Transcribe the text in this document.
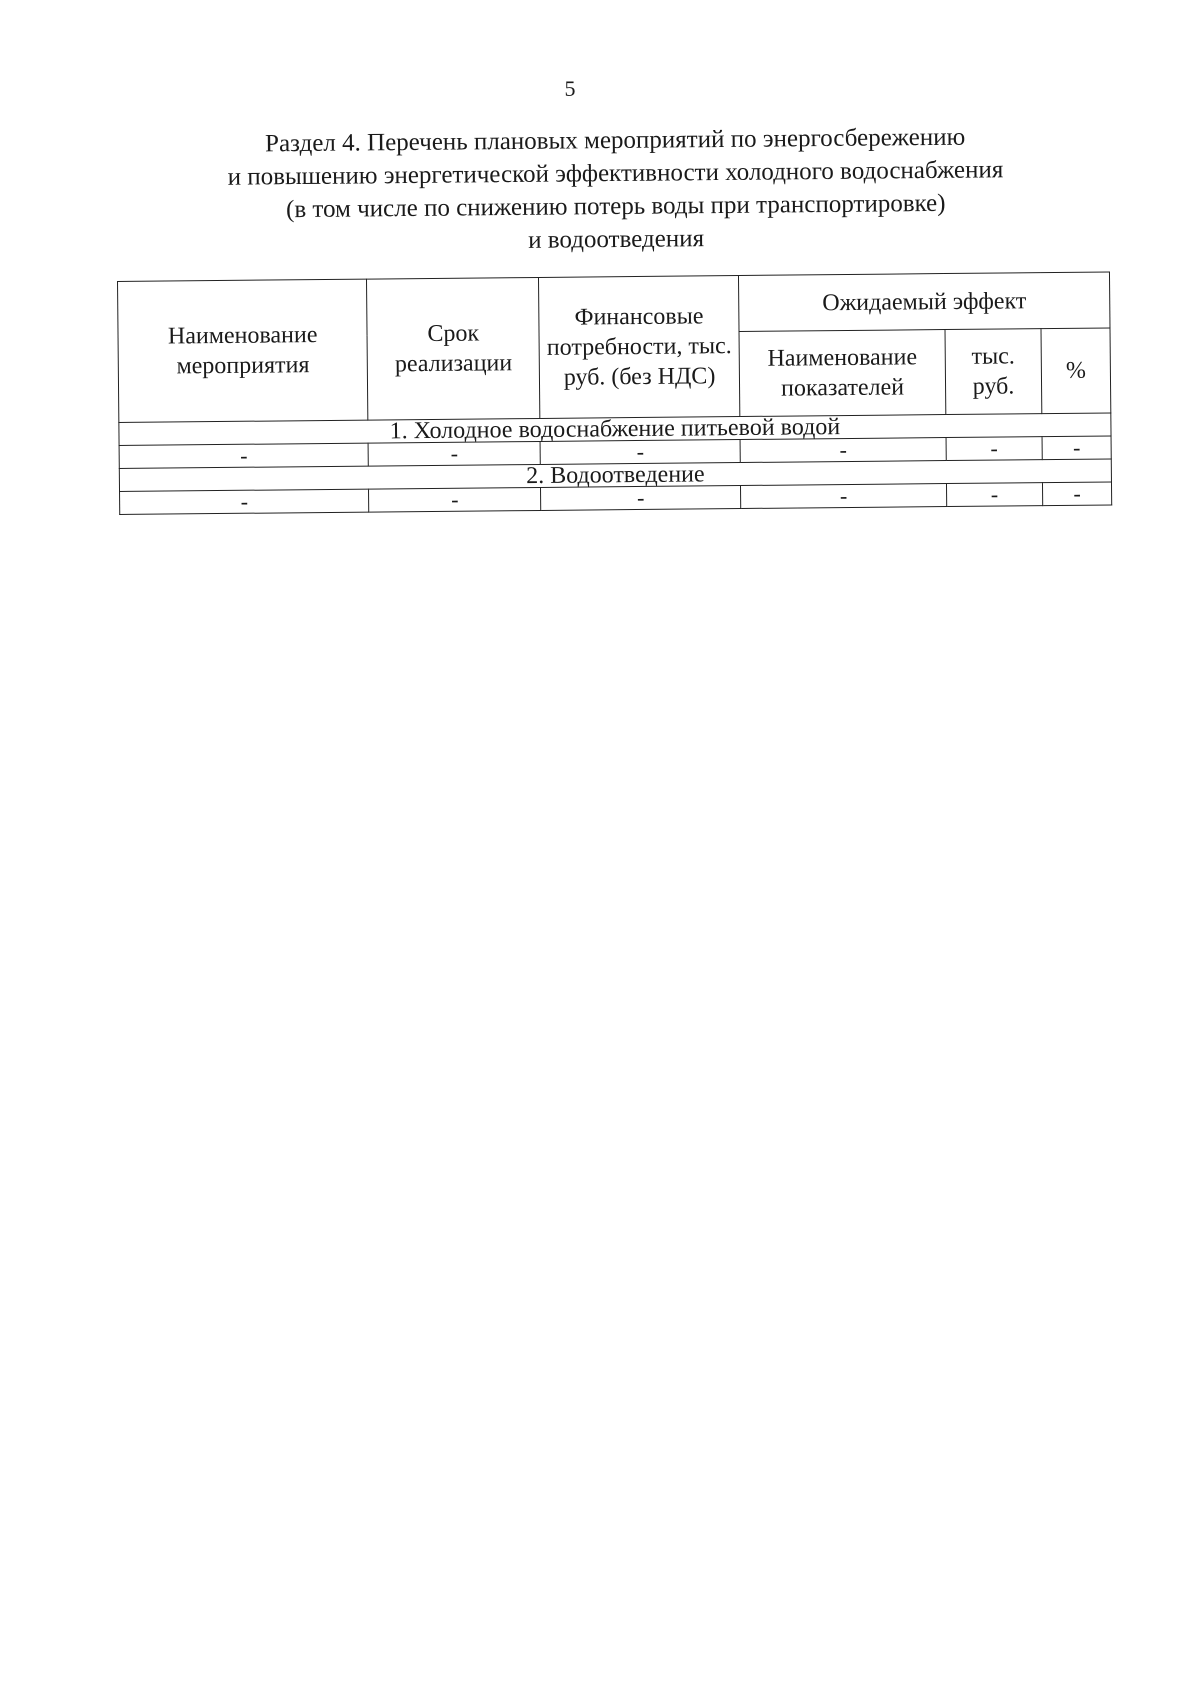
5
Раздел 4. Перечень плановых мероприятий по энергосбережению
и повышению энергетической эффективности холодного водоснабжения
(в том числе по снижению потерь воды при транспортировке)
и водоотведения
Наименование мероприятия	Срок реализации	Финансовые потребности, тыс. руб. (без НДС)	Ожидаемый эффект		
			Наименование показателей	тыс. руб.	%
1. Холодное водоснабжение питьевой водой					
-	-	-	-	-	-
2. Водоотведение					
-	-	-	-	-	-
